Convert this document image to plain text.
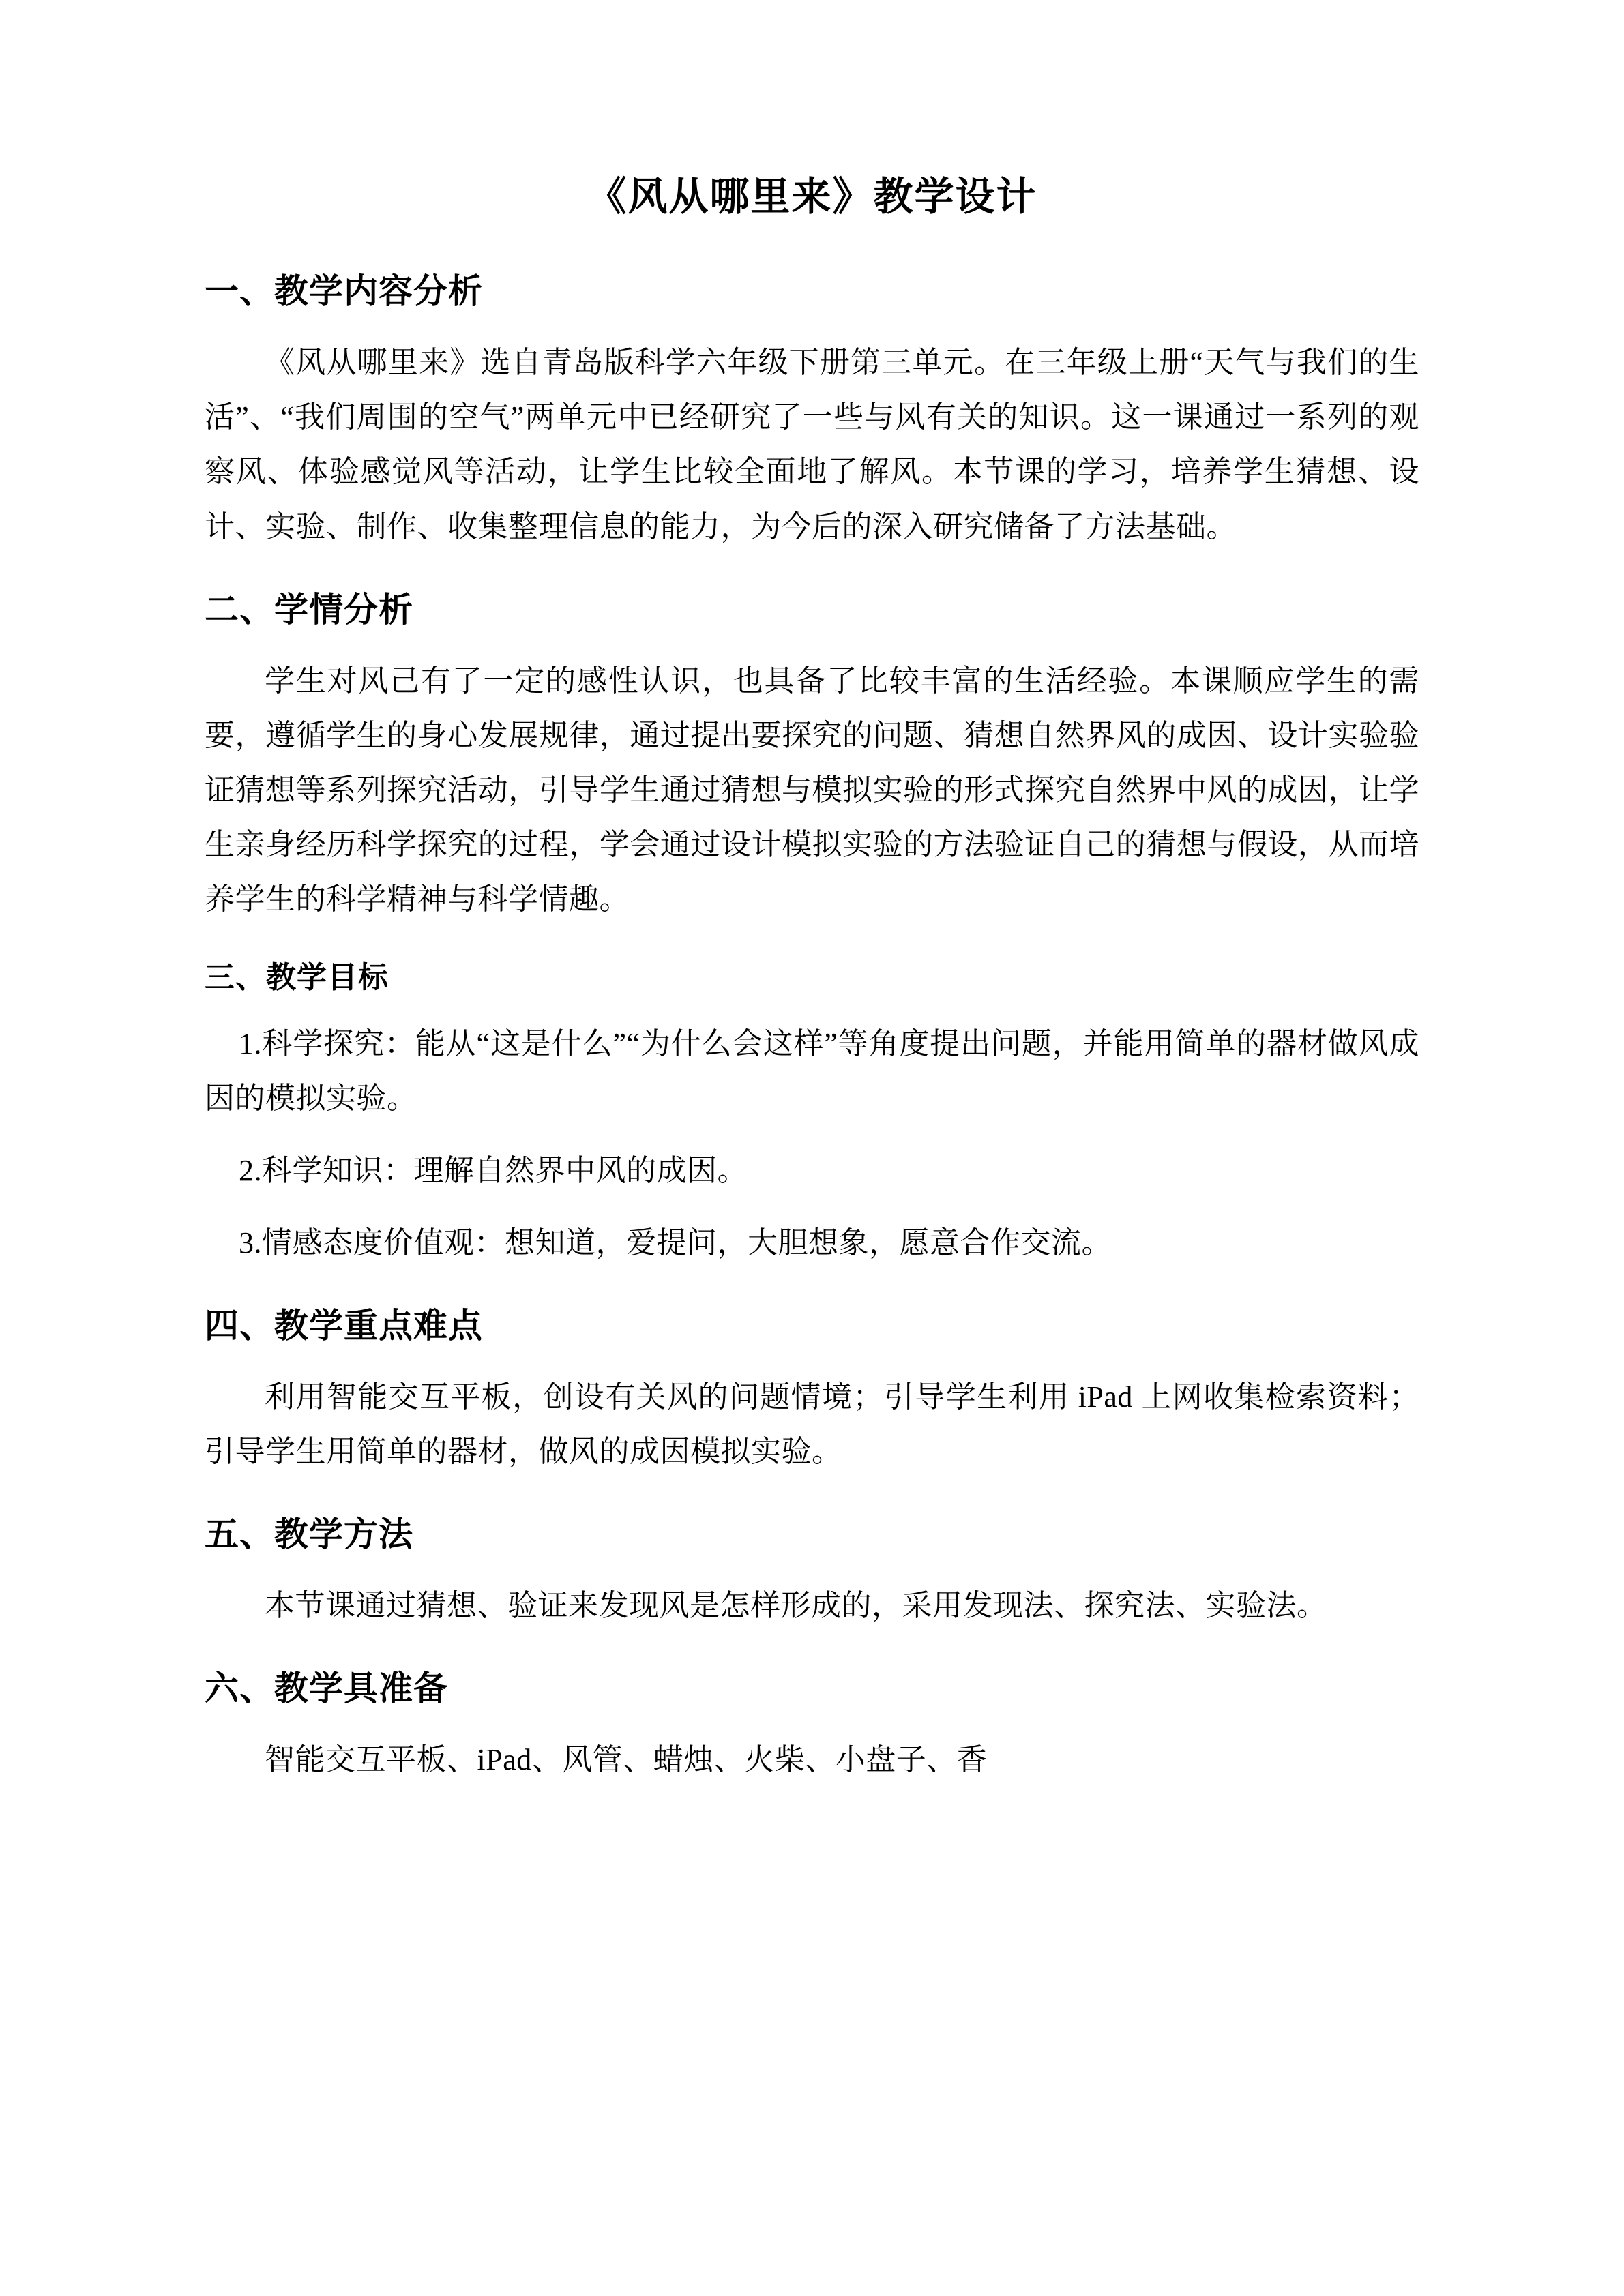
《风从哪里来》教学设计
一、教学内容分析

《风从哪里来》选自青岛版科学六年级下册第三单元。在三年级上册“天气与我们的生活”、“我们周围的空气”两单元中已经研究了一些与风有关的知识。这一课通过一系列的观察风、体验感觉风等活动，让学生比较全面地了解风。本节课的学习，培养学生猜想、设计、实验、制作、收集整理信息的能力，为今后的深入研究储备了方法基础。

二、学情分析

学生对风己有了一定的感性认识，也具备了比较丰富的生活经验。本课顺应学生的需要，遵循学生的身心发展规律，通过提出要探究的问题、猜想自然界风的成因、设计实验验证猜想等系列探究活动，引导学生通过猜想与模拟实验的形式探究自然界中风的成因，让学生亲身经历科学探究的过程，学会通过设计模拟实验的方法验证自己的猜想与假设，从而培养学生的科学精神与科学情趣。

三、教学目标

1.科学探究：能从“这是什么”“为什么会这样”等角度提出问题，并能用简单的器材做风成因的模拟实验。

2.科学知识：理解自然界中风的成因。

3.情感态度价值观：想知道，爱提问，大胆想象，愿意合作交流。

四、教学重点难点

利用智能交互平板，创设有关风的问题情境；引导学生利用 iPad 上网收集检索资料；引导学生用简单的器材，做风的成因模拟实验。

五、教学方法

本节课通过猜想、验证来发现风是怎样形成的，采用发现法、探究法、实验法。

六、教学具准备

智能交互平板、iPad、风管、蜡烛、火柴、小盘子、香
